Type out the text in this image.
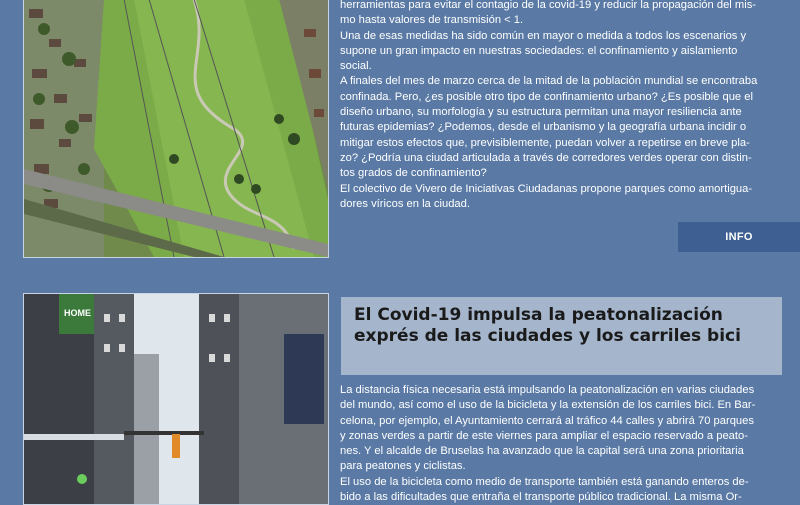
herramientas para evitar el contagio de la covid-19 y reducir la propagación del mis-

mo hasta valores de transmisión < 1.

Una de esas medidas ha sido común en mayor o medida a todos los escenarios y

supone un gran impacto en nuestras sociedades: el confinamiento y aislamiento

social.

A finales del mes de marzo cerca de la mitad de la población mundial se encontraba

confinada. Pero, ¿es posible otro tipo de confinamiento urbano? ¿Es posible que el

diseño urbano, su morfología y su estructura permitan una mayor resiliencia ante

futuras epidemias? ¿Podemos, desde el urbanismo y la geografía urbana incidir o

mitigar estos efectos que, previsiblemente, puedan volver a repetirse en breve pla-

zo? ¿Podría una ciudad articulada a través de corredores verdes operar con distin-

tos grados de confinamiento?

El colectivo de Vivero de Iniciativas Ciudadanas propone parques como amortigua-

dores víricos en la ciudad.

INFO
HOME	El Covid-19 impulsa la peatonalización exprés de las ciudades y los carriles bici

La distancia física necesaria está impulsando la peatonalización en varias ciudades

del mundo, así como el uso de la bicicleta y la extensión de los carriles bici. En Bar-

celona, por ejemplo, el Ayuntamiento cerrará al tráfico 44 calles y abrirá 70 parques

y zonas verdes a partir de este viernes para ampliar el espacio reservado a peato-

nes. Y el alcalde de Bruselas ha avanzado que la capital será una zona prioritaria

para peatones y ciclistas.

El uso de la bicicleta como medio de transporte también está ganando enteros de-

bido a las dificultades que entraña el transporte público tradicional. La misma Or-
